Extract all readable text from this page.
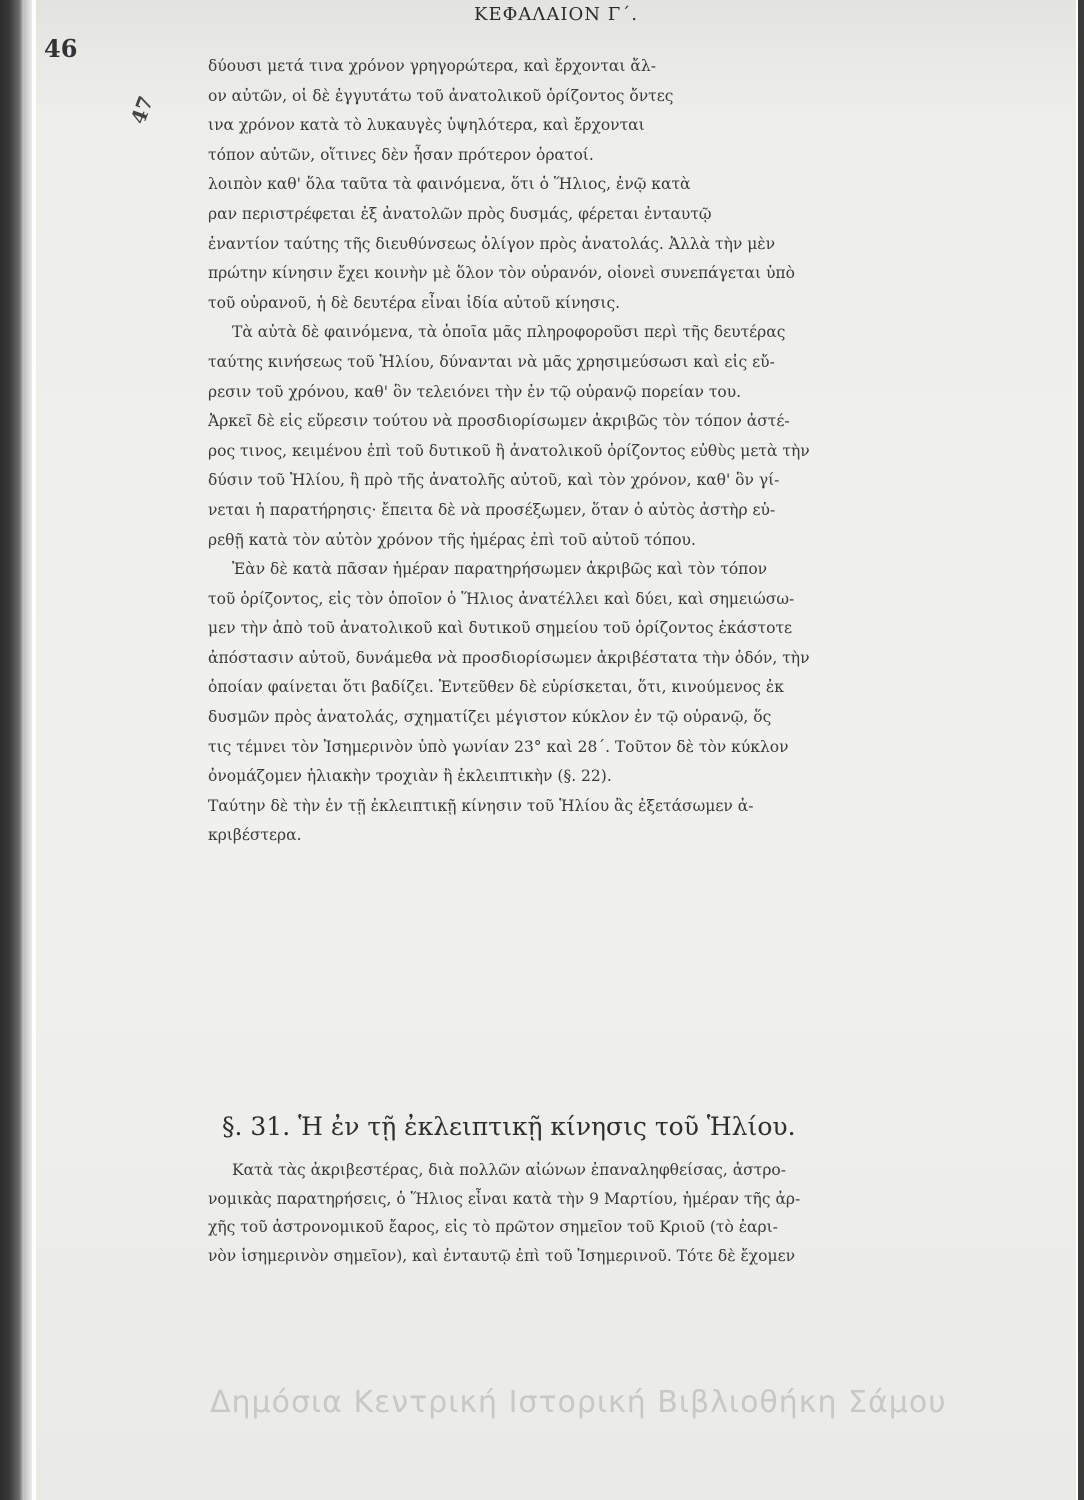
ΚΕΦΑΛΑΙΟΝ Γ΄.
46
47
δύουσι μετά τινα χρόνον γρηγορώτερα, καὶ ἔρχονται ἄλ-
ον αὐτῶν, οἱ δὲ ἐγγυτάτω τοῦ ἀνατολικοῦ ὁρίζοντος ὄντες
ινα χρόνον κατὰ τὸ λυκαυγὲς ὑψηλότερα, καὶ ἔρχονται
τόπον αὐτῶν, οἵτινες δὲν ἦσαν πρότερον ὁρατοί.
λοιπὸν καθ' ὅλα ταῦτα τὰ φαινόμενα, ὅτι ὁ Ἥλιος, ἐνῷ κατὰ
ραν περιστρέφεται ἐξ ἀνατολῶν πρὸς δυσμάς, φέρεται ἐνταυτῷ
ἐναντίον ταύτης τῆς διευθύνσεως ὀλίγον πρὸς ἀνατολάς. Ἀλλὰ τὴν μὲν
πρώτην κίνησιν ἔχει κοινὴν μὲ ὅλον τὸν οὐρανόν, οἱονεὶ συνεπάγεται ὑπὸ
τοῦ οὐρανοῦ, ἡ δὲ δευτέρα εἶναι ἰδία αὐτοῦ κίνησις.
Τὰ αὐτὰ δὲ φαινόμενα, τὰ ὁποῖα μᾶς πληροφοροῦσι περὶ τῆς δευτέρας
ταύτης κινήσεως τοῦ Ἡλίου, δύνανται νὰ μᾶς χρησιμεύσωσι καὶ εἰς εὔ-
ρεσιν τοῦ χρόνου, καθ' ὃν τελειόνει τὴν ἐν τῷ οὐρανῷ πορείαν του.
Ἀρκεῖ δὲ εἰς εὕρεσιν τούτου νὰ προσδιορίσωμεν ἀκριβῶς τὸν τόπον ἀστέ-
ρος τινος, κειμένου ἐπὶ τοῦ δυτικοῦ ἢ ἀνατολικοῦ ὁρίζοντος εὐθὺς μετὰ τὴν
δύσιν τοῦ Ἡλίου, ἢ πρὸ τῆς ἀνατολῆς αὐτοῦ, καὶ τὸν χρόνον, καθ' ὃν γί-
νεται ἡ παρατήρησις· ἔπειτα δὲ νὰ προσέξωμεν, ὅταν ὁ αὐτὸς ἀστὴρ εὑ-
ρεθῇ κατὰ τὸν αὐτὸν χρόνον τῆς ἡμέρας ἐπὶ τοῦ αὐτοῦ τόπου.
Ἐὰν δὲ κατὰ πᾶσαν ἡμέραν παρατηρήσωμεν ἀκριβῶς καὶ τὸν τόπον
τοῦ ὁρίζοντος, εἰς τὸν ὁποῖον ὁ Ἥλιος ἀνατέλλει καὶ δύει, καὶ σημειώσω-
μεν τὴν ἀπὸ τοῦ ἀνατολικοῦ καὶ δυτικοῦ σημείου τοῦ ὁρίζοντος ἑκάστοτε
ἀπόστασιν αὐτοῦ, δυνάμεθα νὰ προσδιορίσωμεν ἀκριβέστατα τὴν ὁδόν, τὴν
ὁποίαν φαίνεται ὅτι βαδίζει. Ἐντεῦθεν δὲ εὑρίσκεται, ὅτι, κινούμενος ἐκ
δυσμῶν πρὸς ἀνατολάς, σχηματίζει μέγιστον κύκλον ἐν τῷ οὐρανῷ, ὅς
τις τέμνει τὸν Ἰσημερινὸν ὑπὸ γωνίαν 23° καὶ 28΄. Τοῦτον δὲ τὸν κύκλον
ὀνομάζομεν ἡλιακὴν τροχιὰν ἢ ἐκλειπτικὴν (§. 22).
Ταύτην δὲ τὴν ἐν τῇ ἐκλειπτικῇ κίνησιν τοῦ Ἡλίου ἂς ἐξετάσωμεν ἀ-
κριβέστερα.
§. 31. Ἡ ἐν τῇ ἐκλειπτικῇ κίνησις τοῦ Ἡλίου.
Κατὰ τὰς ἀκριβεστέρας, διὰ πολλῶν αἰώνων ἐπαναληφθείσας, ἀστρο-
νομικὰς παρατηρήσεις, ὁ Ἥλιος εἶναι κατὰ τὴν 9 Μαρτίου, ἡμέραν τῆς ἀρ-
χῆς τοῦ ἀστρονομικοῦ ἔαρος, εἰς τὸ πρῶτον σημεῖον τοῦ Κριοῦ (τὸ ἐαρι-
νὸν ἰσημερινὸν σημεῖον), καὶ ἐνταυτῷ ἐπὶ τοῦ Ἰσημερινοῦ. Τότε δὲ ἔχομεν
Δημόσια Κεντρική Ιστορική Βιβλιοθήκη Σάμου
